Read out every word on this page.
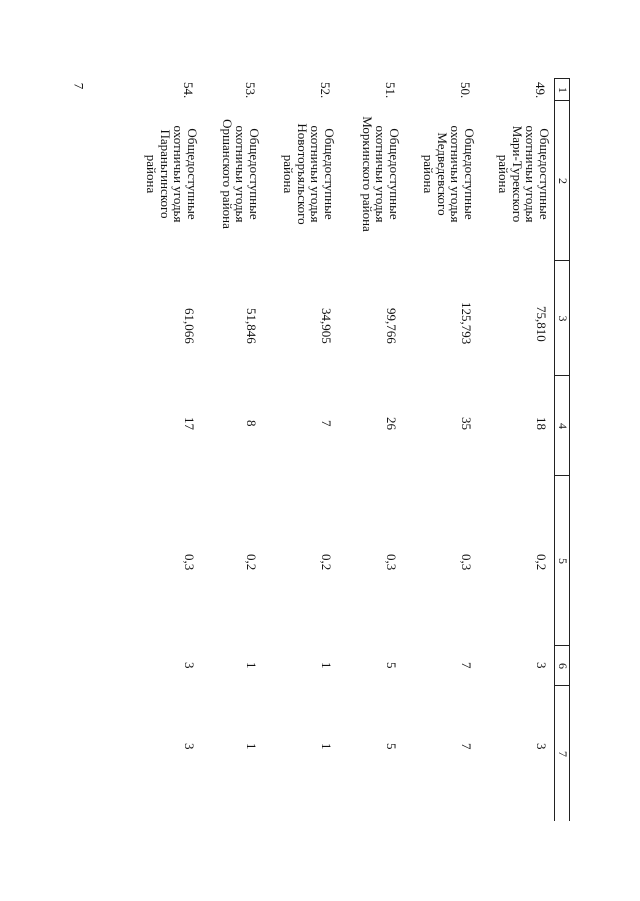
7
1
2
3
4
5
6
7
49.
Общедоступные
охотничьи угодья
Мари-Турекского
района
75,810
18
0,2
3
3
50.
Общедоступные
охотничьи угодья
Медведевского
района
125,793
35
0,3
7
7
51.
Общедоступные
охотничьи угодья
Моркинского района
99,766
26
0,3
5
5
52.
Общедоступные
охотничьи угодья
Новоторъяльского
района
34,905
7
0,2
1
1
53.
Общедоступные
охотничьи угодья
Оршанского района
51,846
8
0,2
1
1
54.
Общедоступные
охотничьи угодья
Параньгинского
района
61,066
17
0,3
3
3
